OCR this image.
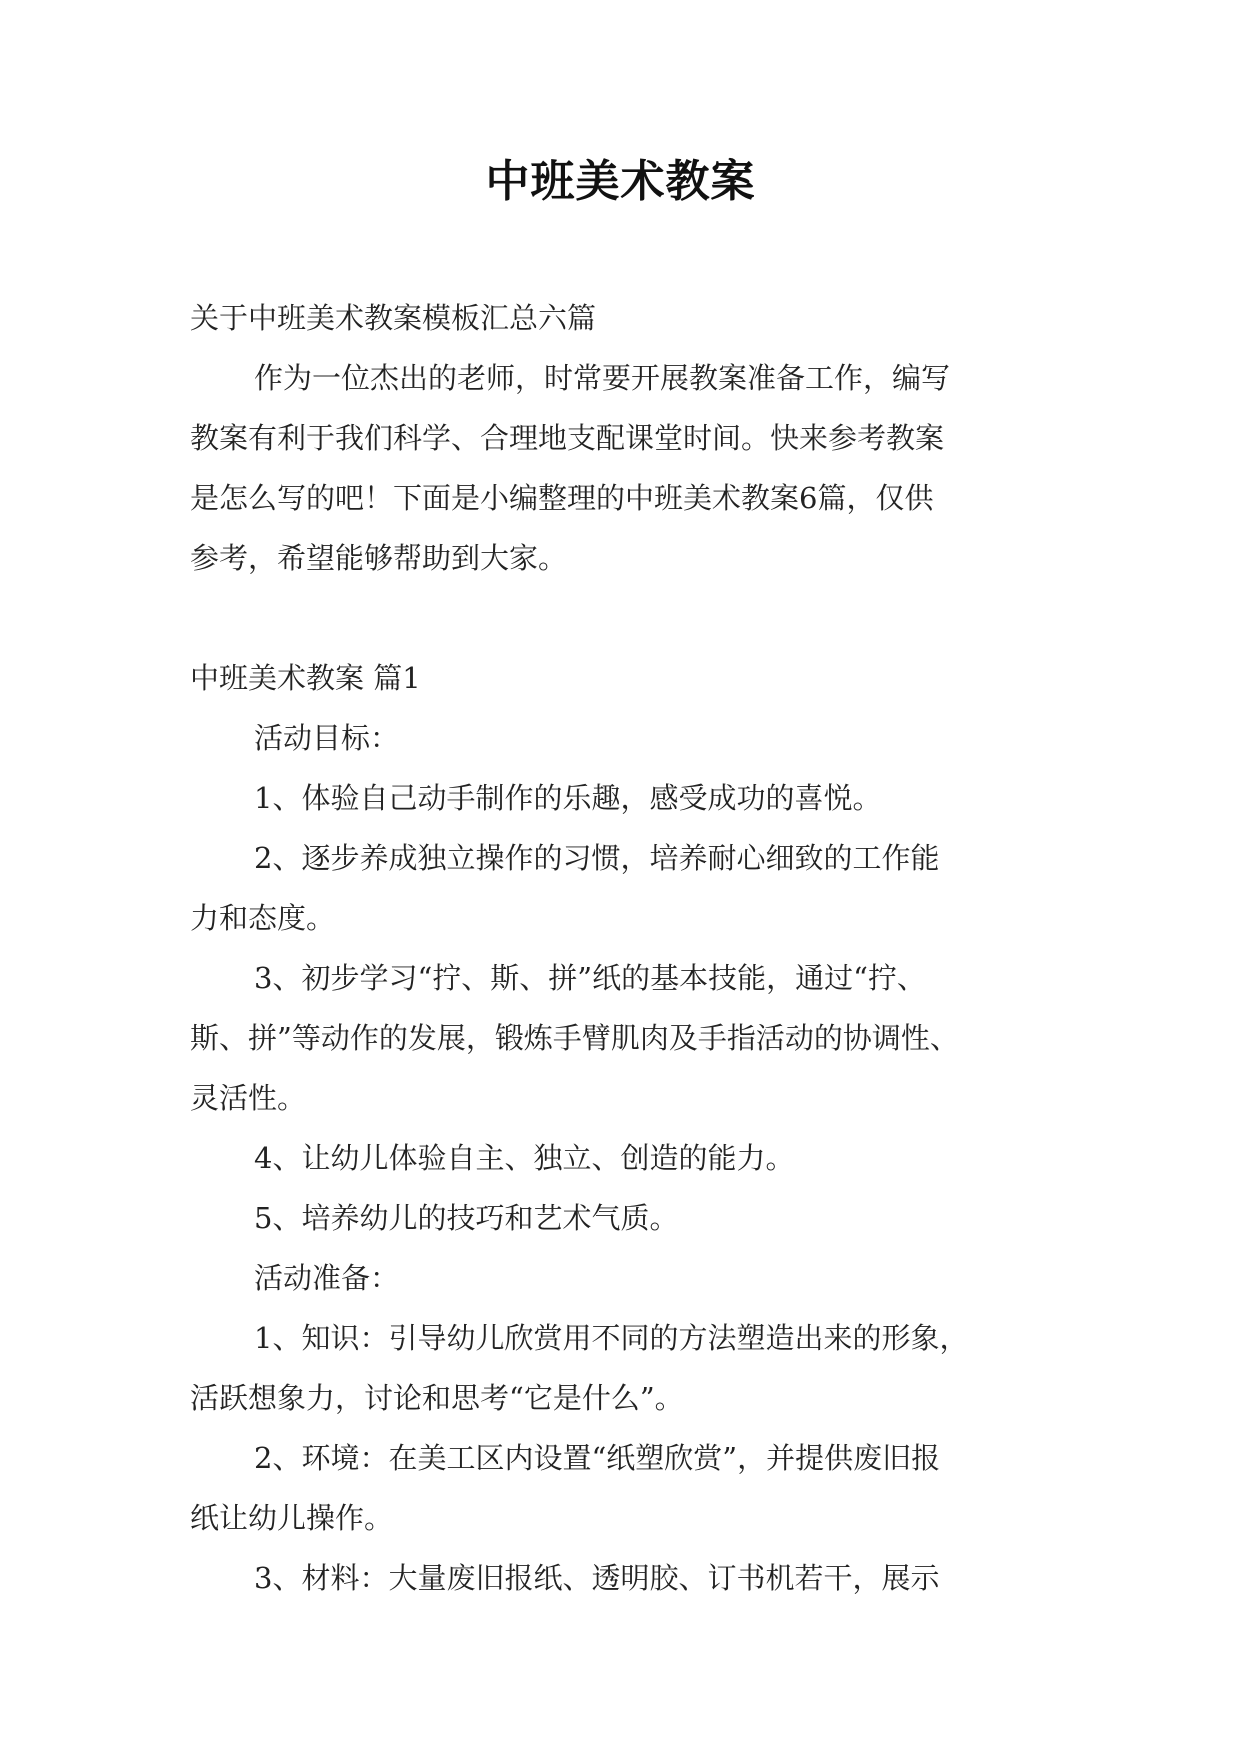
中班美术教案

关于中班美术教案模板汇总六篇

作为一位杰出的老师，时常要开展教案准备工作，编写

教案有利于我们科学、合理地支配课堂时间。快来参考教案

是怎么写的吧！下面是小编整理的中班美术教案6篇，仅供

参考，希望能够帮助到大家。

中班美术教案 篇1

活动目标：

1、体验自己动手制作的乐趣，感受成功的喜悦。

2、逐步养成独立操作的习惯，培养耐心细致的工作能

力和态度。

3、初步学习“拧、斯、拼”纸的基本技能，通过“拧、

斯、拼”等动作的发展，锻炼手臂肌肉及手指活动的协调性、

灵活性。

4、让幼儿体验自主、独立、创造的能力。

5、培养幼儿的技巧和艺术气质。

活动准备：

1、知识：引导幼儿欣赏用不同的方法塑造出来的形象，

活跃想象力，讨论和思考“它是什么”。

2、环境：在美工区内设置“纸塑欣赏”，并提供废旧报

纸让幼儿操作。

3、材料：大量废旧报纸、透明胶、订书机若干，展示
